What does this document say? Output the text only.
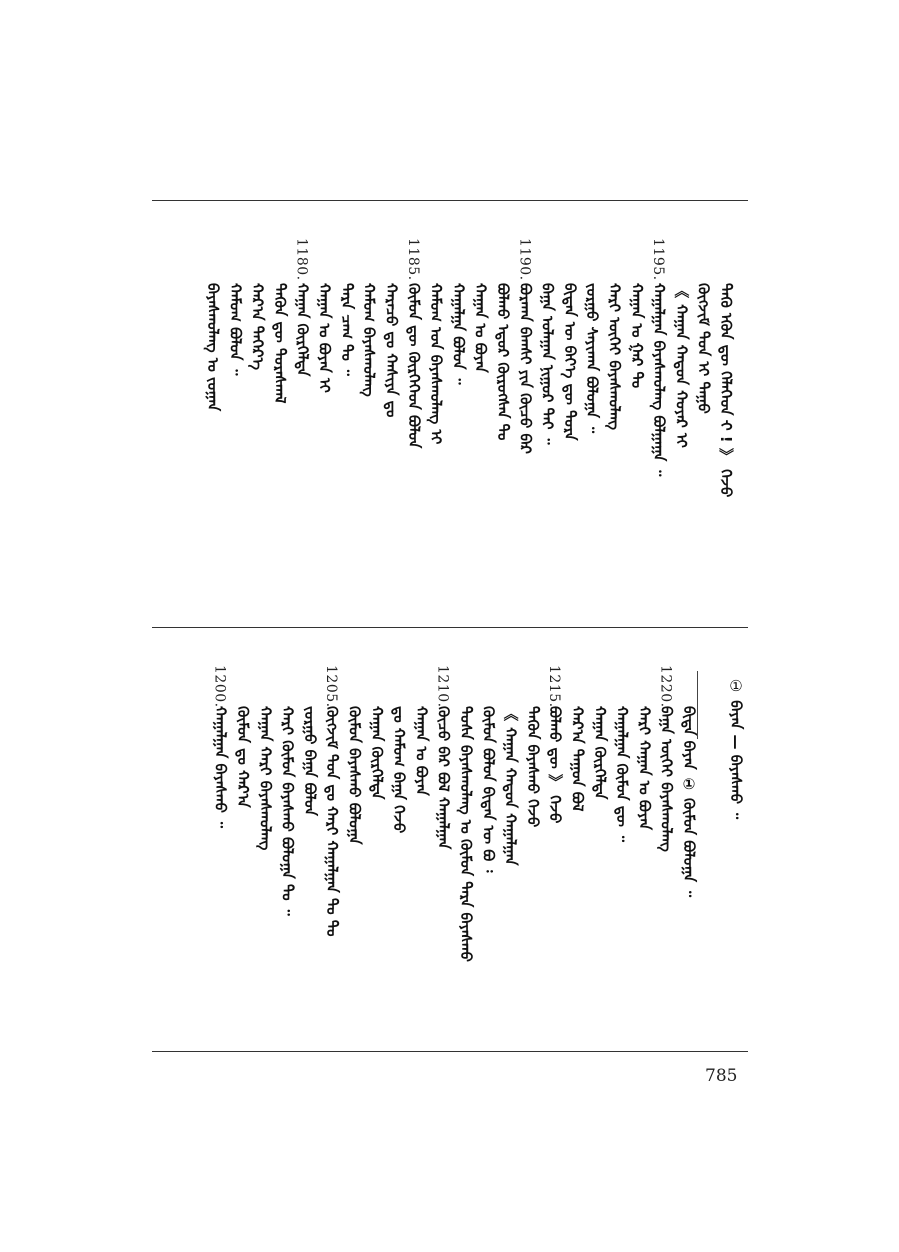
ᠲᠡᠬᠦ ᠡᠭᠦᠨ ᠳᠦ ᠬᠡᠯᠡᠭᠡᠳ ᠊ᠢ ! 》 ᠭᠡᠵᠦ
ᠬᠦᠭᠵᠢᠮ ᠳᠤᠨ ᠢ ᠳᠠᠭᠤ
《 ᠬᠠᠭᠠᠨ ᠬᠠᠲᠤᠨ ᠬᠣᠶᠠᠷ ᠢ
ᠬᠠᠭᠠᠯᠭᠠᠨ ᠪᠠᠶᠠᠰᠬᠤᠯᠠᠩ ᠪᠣᠯᠭᠠᠭᠠ ᠃
1195.
ᠬᠠᠭᠠᠨ ᠤ ᠭᠠᠷ ᠲᠤ
ᠬᠠᠷᠢ ᠦᠭᠡᠢ ᠪᠠᠶᠠᠰᠬᠤᠯᠠᠩ
ᠵᠤᠷᠭᠤ ᠰᠠᠶᠢᠬᠠᠨ ᠪᠣᠯᠤᠭᠠ ᠃
ᠪᠢᠳᠡᠨ ᠦ ᠪᠡᠶ᠎ᠡ ᠳᠦ ᠳᠤᠷᠠ
ᠪᠠᠭᠠ ᠤᠯᠠᠭᠠᠨ ᠨᠢᠭᠤᠷ ᠲᠠᠢ ᠃
ᠪᠤᠷᠬᠠᠨ ᠪᠠᠭᠰᠢ ᠶᠢᠨ ᠬᠦᠴᠦ ᠪᠠᠷ
1190.
ᠪᠣᠯᠬᠤ ᠡᠳᠦᠷ ᠬᠦᠷᠦᠭᠰᠡᠨ ᠲᠤ
ᠬᠠᠭᠠᠨ ᠤ ᠪᠤᠶᠠᠨ
ᠬᠠᠭᠠᠯᠭᠠ ᠪᠣᠯᠤᠨ ᠃
ᠬᠠᠮᠤᠭ ᠤᠨ ᠪᠠᠶᠠᠰᠬᠤᠯᠠᠩ ᠢ
ᠬᠦᠮᠦᠨ ᠳᠦ ᠬᠦᠷᠭᠡᠭᠡᠳ ᠪᠣᠯᠤᠨ
1185.
ᠬᠠᠷᠠᠴᠤ ᠳᠤ ᠬᠠᠰᠢᠶᠠ ᠳᠤ
ᠬᠠᠮᠤᠭ ᠪᠠᠶᠠᠰᠬᠤᠯᠠᠩ
ᠲᠡᠷᠡ ᠴᠠᠭ ᠲᠤ ᠃
ᠬᠠᠭᠠᠨ ᠤ ᠪᠤᠶᠠᠨ ᠢ
ᠬᠠᠭᠠᠨ ᠬᠦᠷᠭᠡᠯᠲᠡ
1180.
ᠲᠡᠭᠦᠨ ᠳᠦ ᠳᠤᠷᠠᠰᠬᠠᠯ
ᠬᠠᠷ᠎ᠠ ᠳᠡᠭᠡᠷ᠎ᠡ
ᠬᠠᠮᠤᠭ ᠪᠣᠯᠤᠨ ᠃
ᠪᠠᠶᠠᠰᠬᠤᠯᠠᠩ ᠤ ᠵᠤᠭᠠᠨ
ᠪᠢᠳᠡ ᠪᠠᠶᠠᠨ ① ᠬᠦᠮᠦᠨ ᠪᠣᠯᠤᠭᠠ ᠃
ᠪᠠᠭᠠ ᠦᠭᠡᠢ ᠪᠠᠶᠠᠰᠬᠤᠯᠠᠩ
1220.
ᠬᠠᠷᠢ ᠬᠠᠭᠠᠨ ᠤ ᠪᠤᠶᠠᠨ
ᠬᠠᠭᠠᠯᠭᠠᠨ ᠬᠦᠮᠦᠨ ᠳᠦ ᠃
ᠬᠠᠭᠠᠨ ᠬᠦᠷᠭᠡᠯᠲᠡ
ᠬᠠᠷ᠎ᠠ ᠳᠠᠭᠤᠨ ᠪᠣᠯ
ᠪᠣᠯᠬᠤ ᠳᠦ 》 ᠭᠡᠵᠦ
1215.
ᠲᠡᠭᠦᠨ ᠪᠠᠶᠠᠰᠬᠤ ᠭᠡᠵᠦ
《 ᠬᠠᠭᠠᠨ ᠬᠠᠲᠤᠨ ᠬᠠᠭᠠᠯᠭᠠᠨ
ᠬᠦᠮᠦᠨ ᠪᠣᠯᠤᠨ ᠪᠢᠳᠡᠨ ᠦ ᠪᠤ ᠄
ᠲᠤᠰᠠ ᠪᠠᠶᠠᠰᠬᠤᠯᠠᠩ ᠤ ᠬᠦᠮᠦᠨ ᠲᠡᠷᠡ ᠪᠠᠶᠠᠰᠬᠤ
ᠬᠦᠴᠦ ᠪᠠᠷ ᠪᠣᠯ ᠬᠠᠭᠠᠯᠭᠠᠨ
1210.
ᠬᠠᠭᠠᠨ ᠤ ᠪᠤᠶᠠᠨ
ᠳᠤ ᠬᠠᠮᠤᠭ ᠪᠠᠭᠠ ᠭᠡᠵᠦ
ᠬᠠᠭᠠᠨ ᠬᠦᠷᠭᠡᠯᠲᠡ
ᠬᠦᠮᠦᠨ ᠪᠠᠶᠠᠰᠬᠤ ᠪᠣᠯᠤᠭᠠ
ᠬᠦᠭᠵᠢᠮ ᠳᠤᠨ ᠳᠤ ᠬᠠᠷᠢ ᠬᠠᠭᠠᠯᠭᠠᠨ ᠲᠤ ᠲᠤ
1205.
ᠵᠤᠷᠭᠤ ᠪᠠᠭᠠ ᠪᠣᠯᠤᠨ
ᠬᠠᠷᠢ ᠬᠦᠮᠦᠨ ᠪᠠᠶᠠᠰᠬᠤ ᠪᠣᠯᠤᠭᠠ ᠲᠤ ᠃
ᠬᠠᠭᠠᠨ ᠬᠠᠷᠢ ᠪᠠᠶᠠᠰᠬᠤᠯᠠᠩ
ᠬᠦᠮᠦᠨ ᠳᠤ ᠬᠠᠷ᠎ᠠ
ᠬᠠᠭᠠᠯᠭᠠᠨ ᠪᠠᠶᠠᠰᠬᠤ ᠃
1200.	① ᠪᠠᠶᠠᠨ — ᠪᠠᠶᠠᠰᠬᠤ ᠃
785
